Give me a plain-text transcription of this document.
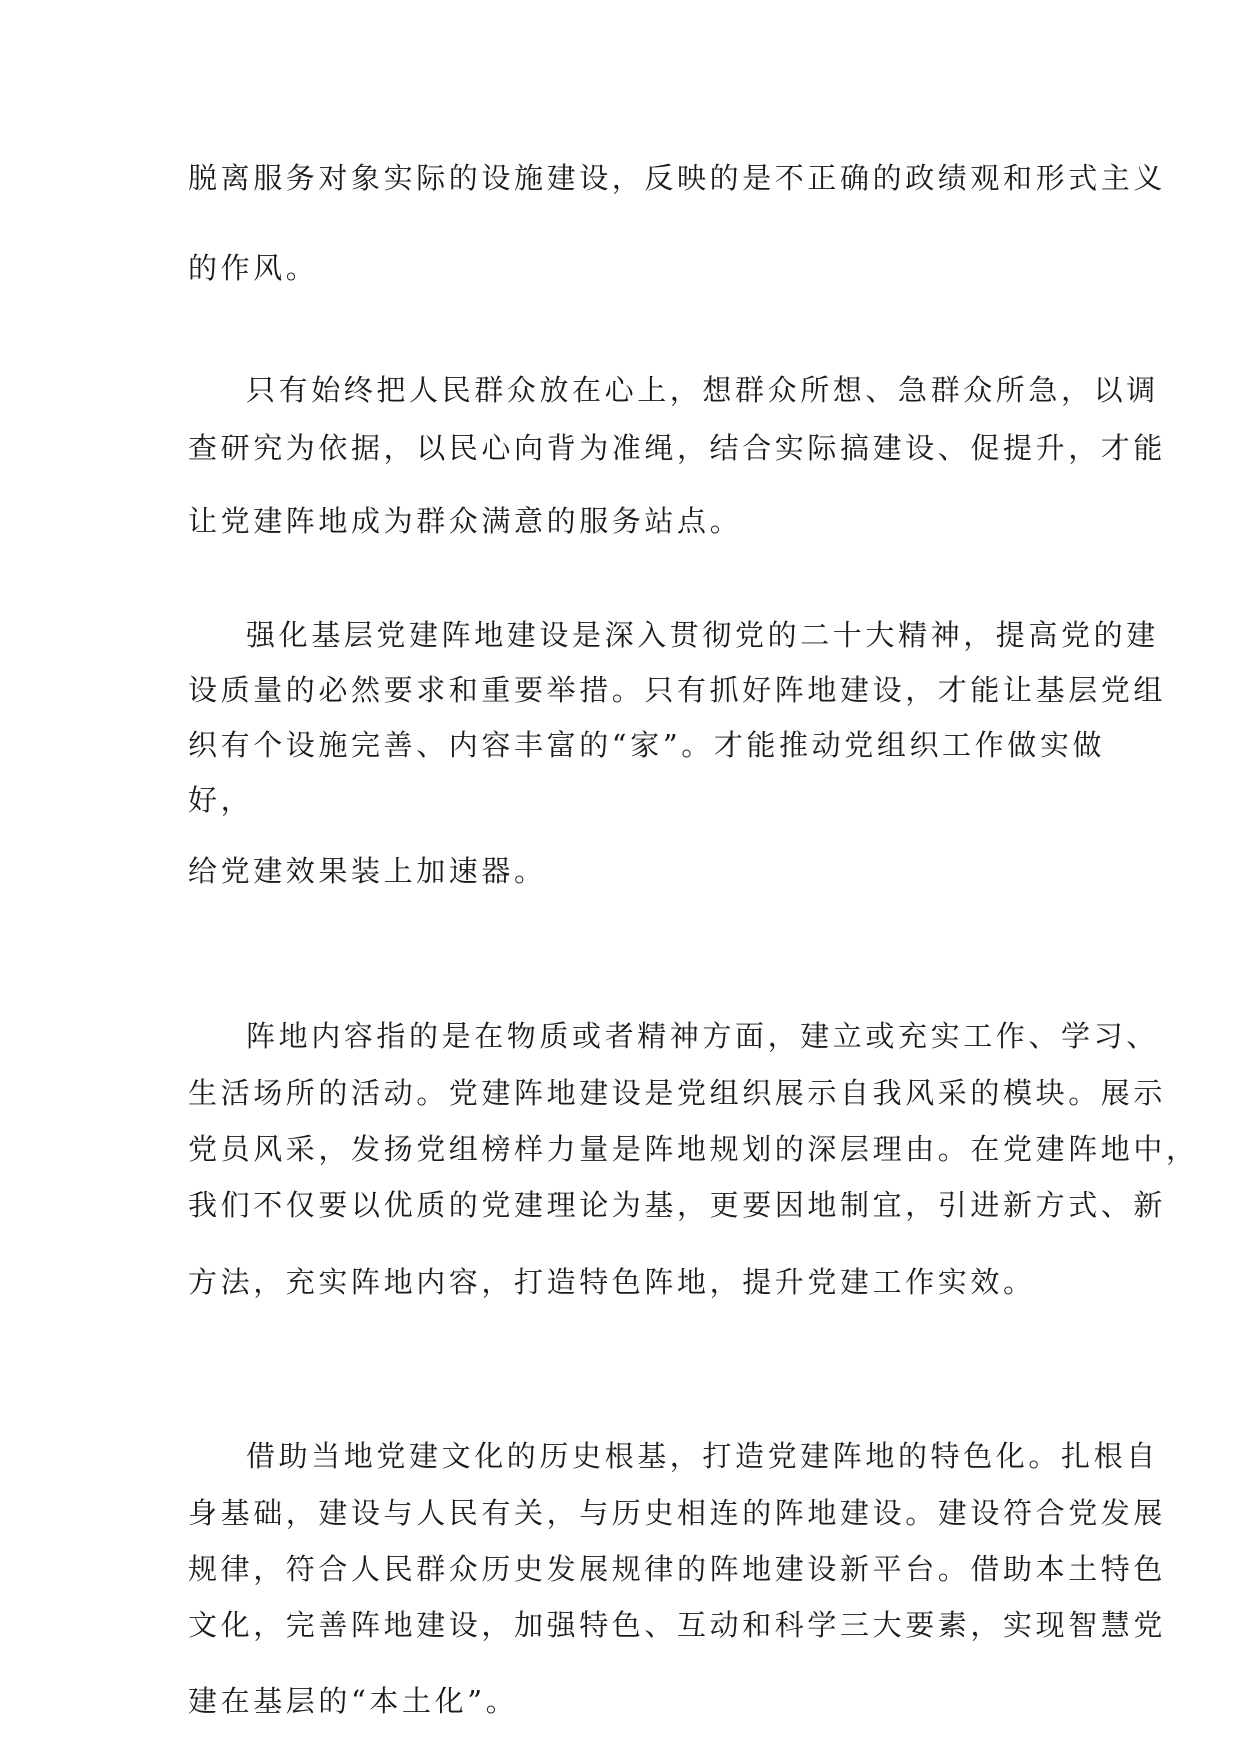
脱离服务对象实际的设施建设，反映的是不正确的政绩观和形式主义
的作风。
只有始终把人民群众放在心上，想群众所想、急群众所急，以调
查研究为依据，以民心向背为准绳，结合实际搞建设、促提升，才能
让党建阵地成为群众满意的服务站点。
强化基层党建阵地建设是深入贯彻党的二十大精神，提高党的建
设质量的必然要求和重要举措。只有抓好阵地建设，才能让基层党组
织有个设施完善、内容丰富的“家”。才能推动党组织工作做实做
好，
给党建效果装上加速器。
阵地内容指的是在物质或者精神方面，建立或充实工作、学习、
生活场所的活动。党建阵地建设是党组织展示自我风采的模块。展示
党员风采，发扬党组榜样力量是阵地规划的深层理由。在党建阵地中，
我们不仅要以优质的党建理论为基，更要因地制宜，引进新方式、新
方法，充实阵地内容，打造特色阵地，提升党建工作实效。
借助当地党建文化的历史根基，打造党建阵地的特色化。扎根自
身基础，建设与人民有关，与历史相连的阵地建设。建设符合党发展
规律，符合人民群众历史发展规律的阵地建设新平台。借助本土特色
文化，完善阵地建设，加强特色、互动和科学三大要素，实现智慧党
建在基层的“本土化”。
